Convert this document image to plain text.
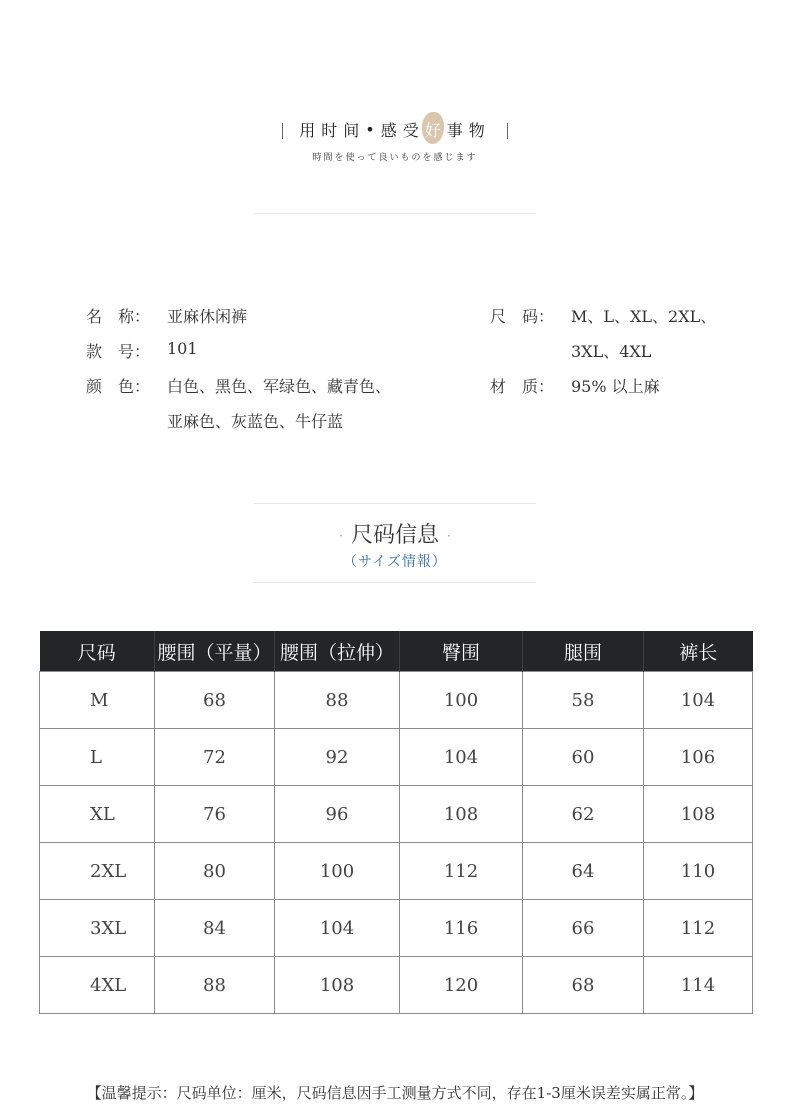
| 用 时 间 • 感 受 好 事 物 |
時間を使って良いものを感じます
名　称： 亚麻休闲裤
款　号： 101
颜　色： 白色、黑色、军绿色、藏青色、
亚麻色、灰蓝色、牛仔蓝
尺　码： M、L、XL、2XL、
3XL、4XL
材　质： 95% 以上麻
· 尺码信息 ·
（サイズ情報）
尺码	腰围（平量）	腰围（拉伸）	臀围	腿围	裤长
M	68	88	100	58	104
L	72	92	104	60	106
XL	76	96	108	62	108
2XL	80	100	112	64	110
3XL	84	104	116	66	112
4XL	88	108	120	68	114
【温馨提示：尺码单位：厘米，尺码信息因手工测量方式不同，存在1-3厘米误差实属正常。】
